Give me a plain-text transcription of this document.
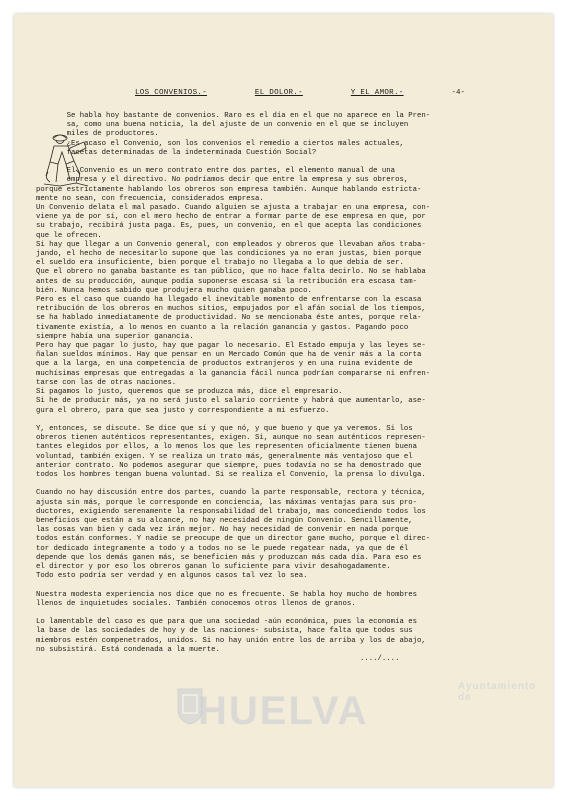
LOS CONVENIOS.-	EL DOLOR.-	Y EL AMOR.-	-4-
Se habla hoy bastante de convenios. Raro es el día en el que no aparece en la Pren-
sa, como una buena noticia, la del ajuste de un convenio en el que se incluyen
miles de productores.
¿Es acaso el Convenio, son los convenios el remedio a ciertos males actuales,
facetas determinadas de la indeterminada Cuestión Social?

El Convenio es un mero contrato entre dos partes, el elemento manual de una
empresa y el directivo. No podríamos decir que entre la empresa y sus obreros,
porque estrictamente hablando los obreros son empresa también. Aunque hablando estricta-
mente no sean, con frecuencia, considerados empresa.
Un Convenio delata el mal pasado. Cuando alguien se ajusta a trabajar en una empresa, con-
viene ya de por sí, con el mero hecho de entrar a formar parte de ese empresa en que, por
su trabajo, recibirá justa paga. Es, pues, un convenio, en el que acepta las condiciones
que le ofrecen.
Si hay que llegar a un Convenio general, con empleados y obreros que llevaban años traba-
jando, el hecho de necesitarlo supone que las condiciones ya no eran justas, bien porque
el sueldo era insuficiente, bien porque el trabajo no llegaba a lo que debía de ser.
Que el obrero no ganaba bastante es tan público, que no hace falta decirlo. No se hablaba
antes de su producción, aunque podía suponerse escasa si la retribución era escasa tam-
bién. Nunca hemos sabido que produjera mucho quien ganaba poco.
Pero es el caso que cuando ha llegado el inevitable momento de enfrentarse con la escasa
retribución de los obreros en muchos sitios, empujados por el afán social de los tiempos,
se ha hablado inmediatamente de productividad. No se mencionaba éste antes, porque rela-
tivamente existía, a lo menos en cuanto a la relación ganancia y gastos. Pagando poco
siempre había una superior ganancia.
Pero hay que pagar lo justo, hay que pagar lo necesario. El Estado empuja y las leyes se-
ñalan sueldos mínimos. Hay que pensar en un Mercado Común que ha de venir más a la corta
que a la larga, en una competencia de productos extranjeros y en una ruina evidente de
muchísimas empresas que entregadas a la ganancia fácil nunca podrían compararse ni enfren-
tarse con las de otras naciones.
Si pagamos lo justo, queremos que se produzca más, dice el empresario.
Si he de producir más, ya no será justo el salario corriente y habrá que aumentarlo, ase-
gura el obrero, para que sea justo y correspondiente a mi esfuerzo.

Y, entonces, se discute. Se dice que sí y que nó, y que bueno y que ya veremos. Si los
obreros tienen auténticos representantes, exigen. Si, aunque no sean auténticos represen-
tantes elegidos por ellos, a lo menos los que les representen oficialmente tienen buena
voluntad, también exigen. Y se realiza un trato más, generalmente más ventajoso que el
anterior contrato. No podemos asegurar que siempre, pues todavía no se ha demostrado que
todos los hombres tengan buena voluntad. Si se realiza el Convenio, la prensa lo divulga.

Cuando no hay discusión entre dos partes, cuando la parte responsable, rectora y técnica,
ajusta sin más, porque le corresponde en conciencia, las máximas ventajas para sus pro-
ductores, exigiendo serenamente la responsabilidad del trabajo, mas concediendo todos los
beneficios que están a su alcance, no hay necesidad de ningún Convenio. Sencillamente,
las cosas van bien y cada vez irán mejor. No hay necesidad de convenir en nada porque
todos están conformes. Y nadie se preocupe de que un director gane mucho, porque el direc-
tor dedicado íntegramente a todo y a todos no se le puede regatear nada, ya que de él
depende que los demás ganen más, se beneficien más y produzcan más cada día. Para eso es
el director y por eso los obreros ganan lo suficiente para vivir desahogadamente.
Todo esto podría ser verdad y en algunos casos tal vez lo sea.

Nuestra modesta experiencia nos dice que no es frecuente. Se habla hoy mucho de hombres
llenos de inquietudes sociales. También conocemos otros llenos de granos.

Lo lamentable del caso es que para que una sociedad -aún económica, pues la economía es
la base de las sociedades de hoy y de las naciones- subsista, hace falta que todos sus
miembros estén compenetrados, unidos. Si no hay unión entre los de arriba y los de abajo,
no subsistirá. Está condenada a la muerte.
..../....
Ayuntamiento de
HUELVA
